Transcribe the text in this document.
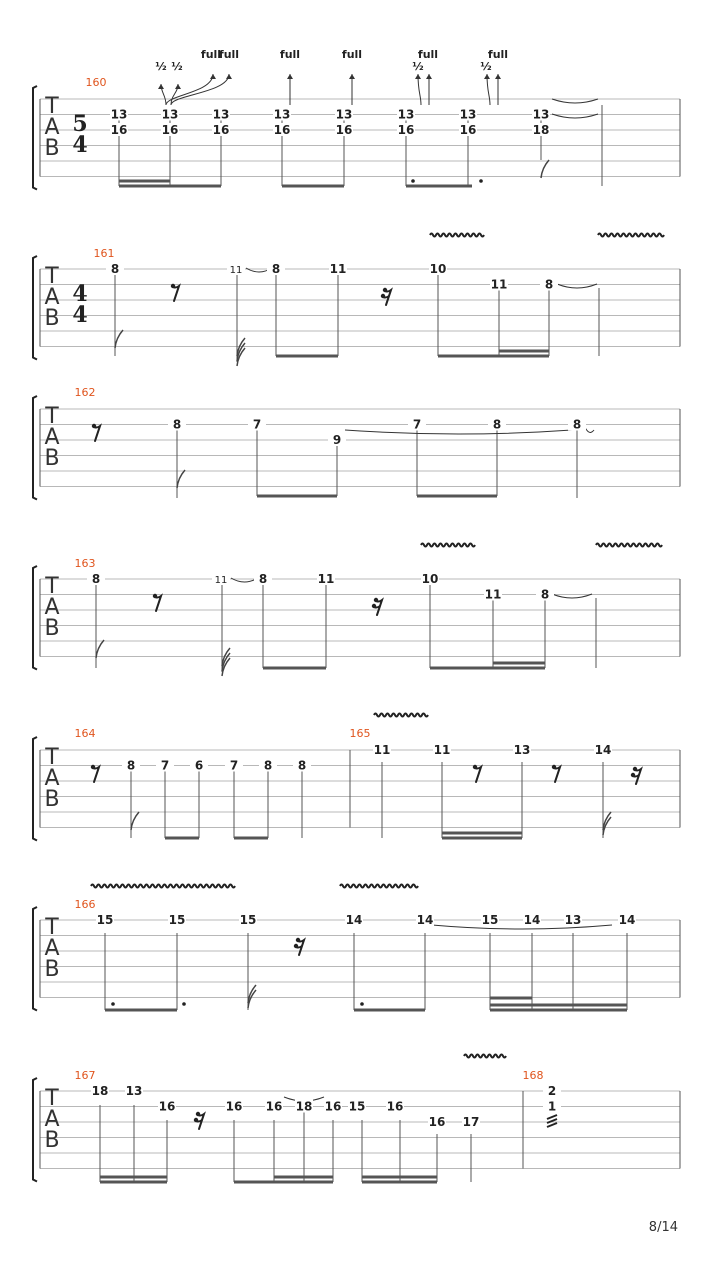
T
A
B
160
5
4
½ ½
full
full	full	full	full
½
full
½
13
16
13
16
13
16
13
16
13
16
13
16
13
16
13
18
T
A
B
161
4
4
8	11 8	11	10
11	8
T
A
B
162
8	7
9
7	8	8
T
A
B
163
8	11	8	11	10
11	8
T
A
B
164	165
8 7 6 7 8 8
11	11	13	14
T
A
B
166
15	15	15	14	14	15 14 13	14
T
A
B
167	168
18 13
16	16 16 18 16 15 16
16 17
2
1
8/14
